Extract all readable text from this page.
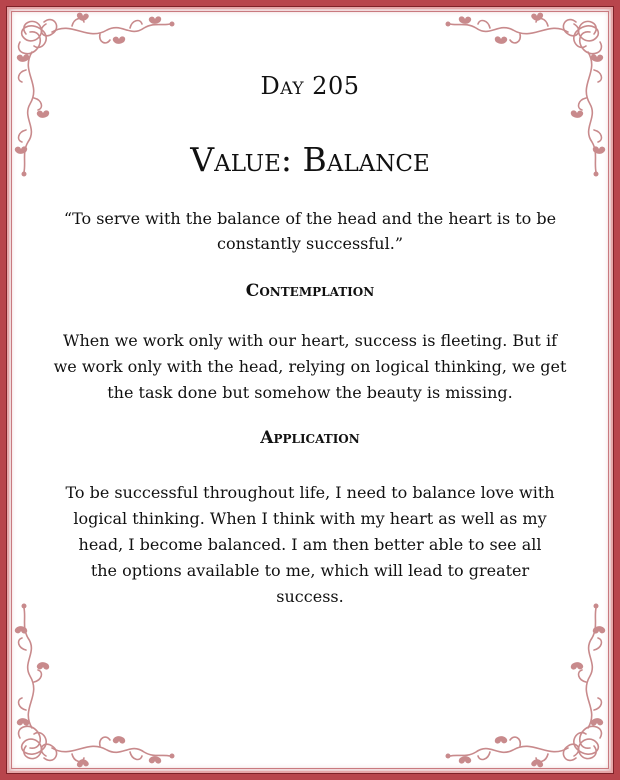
Day 205
Value: Balance

“To serve with the balance of the head and the heart is to be constantly successful.”

Contemplation

When we work only with our heart, success is fleeting. But if we work only with the head, relying on logical thinking, we get the task done but somehow the beauty is missing.

Application

To be successful throughout life, I need to balance love with logical thinking. When I think with my heart as well as my head, I become balanced. I am then better able to see all the options available to me, which will lead to greater success.
